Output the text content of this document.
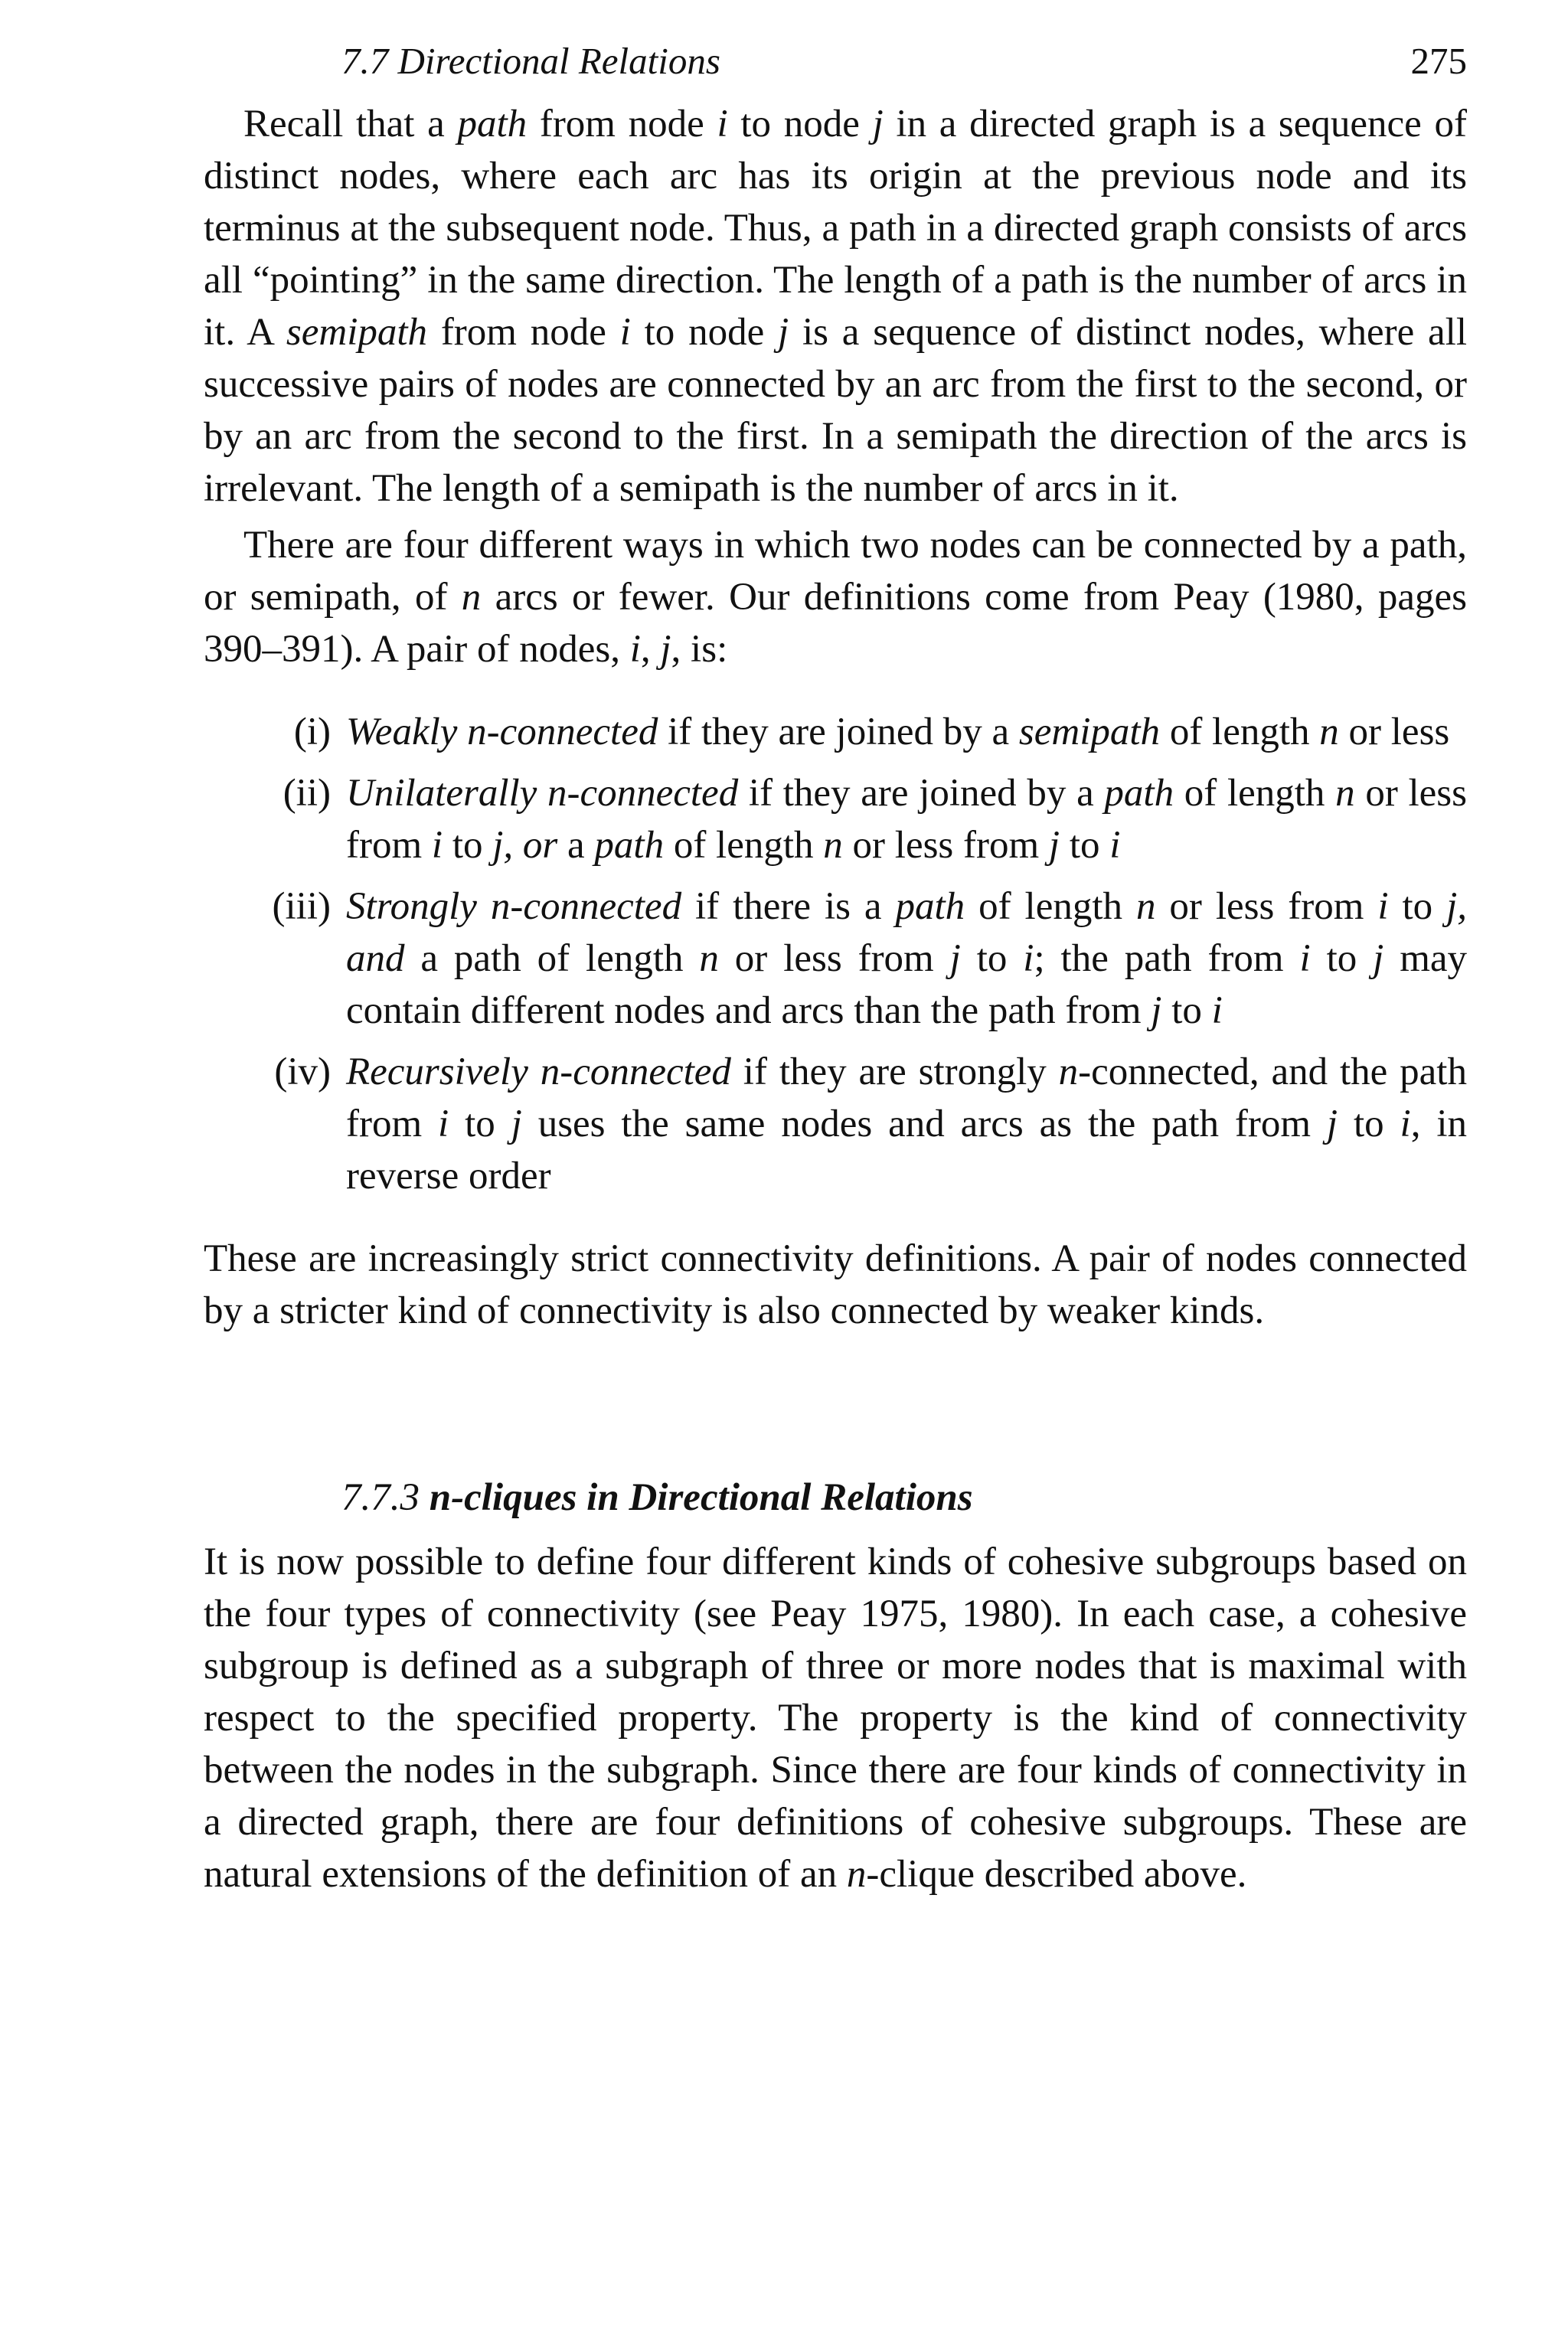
7.7 Directional Relations	275

Recall that a path from node i to node j in a directed graph is a sequence of distinct nodes, where each arc has its origin at the previous node and its terminus at the subsequent node. Thus, a path in a directed graph consists of arcs all “pointing” in the same direction. The length of a path is the number of arcs in it. A semipath from node i to node j is a sequence of distinct nodes, where all successive pairs of nodes are connected by an arc from the first to the second, or by an arc from the second to the first. In a semipath the direction of the arcs is irrelevant. The length of a semipath is the number of arcs in it.

There are four different ways in which two nodes can be connected by a path, or semipath, of n arcs or fewer. Our definitions come from Peay (1980, pages 390–391). A pair of nodes, i, j, is:

(i) Weakly n-connected if they are joined by a semipath of length n or less
(ii) Unilaterally n-connected if they are joined by a path of length n or less from i to j, or a path of length n or less from j to i
(iii) Strongly n-connected if there is a path of length n or less from i to j, and a path of length n or less from j to i; the path from i to j may contain different nodes and arcs than the path from j to i
(iv) Recursively n-connected if they are strongly n-connected, and the path from i to j uses the same nodes and arcs as the path from j to i, in reverse order

These are increasingly strict connectivity definitions. A pair of nodes connected by a stricter kind of connectivity is also connected by weaker kinds.

7.7.3 n-cliques in Directional Relations

It is now possible to define four different kinds of cohesive subgroups based on the four types of connectivity (see Peay 1975, 1980). In each case, a cohesive subgroup is defined as a subgraph of three or more nodes that is maximal with respect to the specified property. The property is the kind of connectivity between the nodes in the subgraph. Since there are four kinds of connectivity in a directed graph, there are four definitions of cohesive subgroups. These are natural extensions of the definition of an n-clique described above.
